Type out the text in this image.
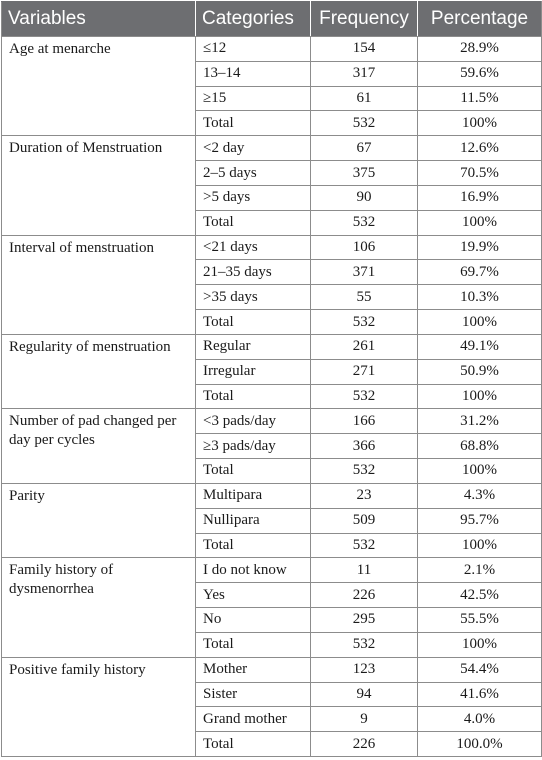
Variables	Categories	Frequency	Percentage
Age at menarche	≤12	154	28.9%
	13–14	317	59.6%
	≥15	61	11.5%
	Total	532	100%
Duration of Menstruation	<2 day	67	12.6%
	2–5 days	375	70.5%
	>5 days	90	16.9%
	Total	532	100%
Interval of menstruation	<21 days	106	19.9%
	21–35 days	371	69.7%
	>35 days	55	10.3%
	Total	532	100%
Regularity of menstruation	Regular	261	49.1%
	Irregular	271	50.9%
	Total	532	100%
Number of pad changed per day per cycles	<3 pads/day	166	31.2%
	≥3 pads/day	366	68.8%
	Total	532	100%
Parity	Multipara	23	4.3%
	Nullipara	509	95.7%
	Total	532	100%
Family history of dysmenorrhea	I do not know	11	2.1%
	Yes	226	42.5%
	No	295	55.5%
	Total	532	100%
Positive family history	Mother	123	54.4%
	Sister	94	41.6%
	Grand mother	9	4.0%
	Total	226	100.0%
